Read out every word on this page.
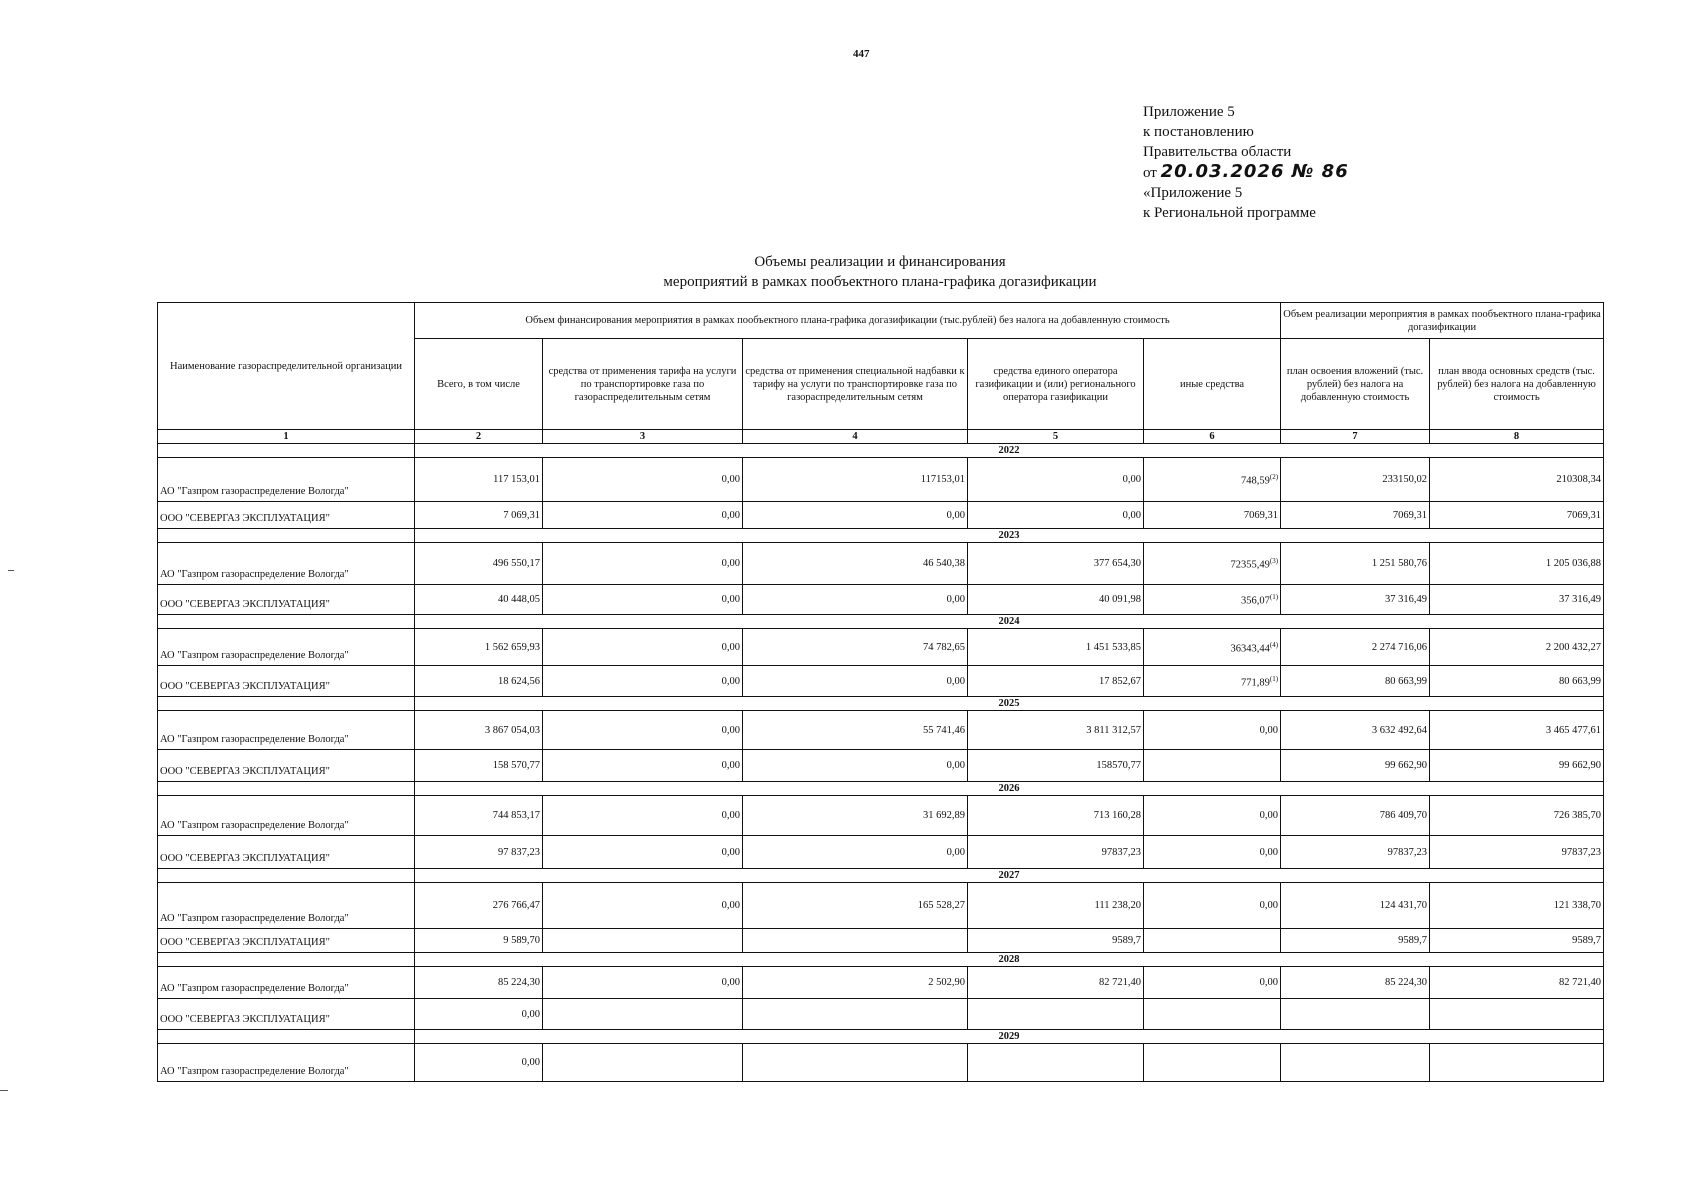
447
Приложение 5
к постановлению
Правительства области
от 20.03.2026 № 86
«Приложение 5
к Региональной программе
Объемы реализации и финансирования
мероприятий в рамках пообъектного плана-графика догазификации
Наименование газораспределительной организации	Объем финансирования мероприятия в рамках пообъектного плана-графика догазификации (тыс.рублей) без налога на добавленную стоимость					Объем реализации мероприятия в рамках пообъектного плана-графика догазификации	
	Всего, в том числе	средства от применения тарифа на услуги по транспортировке газа по газораспределительным сетям	средства от применения специальной надбавки к тарифу на услуги по транспортировке газа по газораспределительным сетям	средства единого оператора газификации и (или) регионального оператора газификации	иные средства	план освоения вложений (тыс. рублей) без налога на добавленную стоимость	план ввода основных средств (тыс. рублей) без налога на добавленную стоимость
1	2	3	4	5	6	7	8
	2022						
АО "Газпром газораспределение Вологда"	117 153,01	0,00	117153,01	0,00	748,59$^{(2)}$	233150,02	210308,34
ООО "СЕВЕРГАЗ ЭКСПЛУАТАЦИЯ"	7 069,31	0,00	0,00	0,00	7069,31	7069,31	7069,31
	2023						
АО "Газпром газораспределение Вологда"	496 550,17	0,00	46 540,38	377 654,30	72355,49$^{(3)}$	1 251 580,76	1 205 036,88
ООО "СЕВЕРГАЗ ЭКСПЛУАТАЦИЯ"	40 448,05	0,00	0,00	40 091,98	356,07$^{(1)}$	37 316,49	37 316,49
	2024						
АО "Газпром газораспределение Вологда"	1 562 659,93	0,00	74 782,65	1 451 533,85	36343,44$^{(4)}$	2 274 716,06	2 200 432,27
ООО "СЕВЕРГАЗ ЭКСПЛУАТАЦИЯ"	18 624,56	0,00	0,00	17 852,67	771,89$^{(1)}$	80 663,99	80 663,99
	2025						
АО "Газпром газораспределение Вологда"	3 867 054,03	0,00	55 741,46	3 811 312,57	0,00	3 632 492,64	3 465 477,61
ООО "СЕВЕРГАЗ ЭКСПЛУАТАЦИЯ"	158 570,77	0,00	0,00	158570,77		99 662,90	99 662,90
	2026						
АО "Газпром газораспределение Вологда"	744 853,17	0,00	31 692,89	713 160,28	0,00	786 409,70	726 385,70
ООО "СЕВЕРГАЗ ЭКСПЛУАТАЦИЯ"	97 837,23	0,00	0,00	97837,23	0,00	97837,23	97837,23
	2027						
АО "Газпром газораспределение Вологда"	276 766,47	0,00	165 528,27	111 238,20	0,00	124 431,70	121 338,70
ООО "СЕВЕРГАЗ ЭКСПЛУАТАЦИЯ"	9 589,70			9589,7		9589,7	9589,7
	2028						
АО "Газпром газораспределение Вологда"	85 224,30	0,00	2 502,90	82 721,40	0,00	85 224,30	82 721,40
ООО "СЕВЕРГАЗ ЭКСПЛУАТАЦИЯ"	0,00						
	2029						
АО "Газпром газораспределение Вологда"	0,00						
